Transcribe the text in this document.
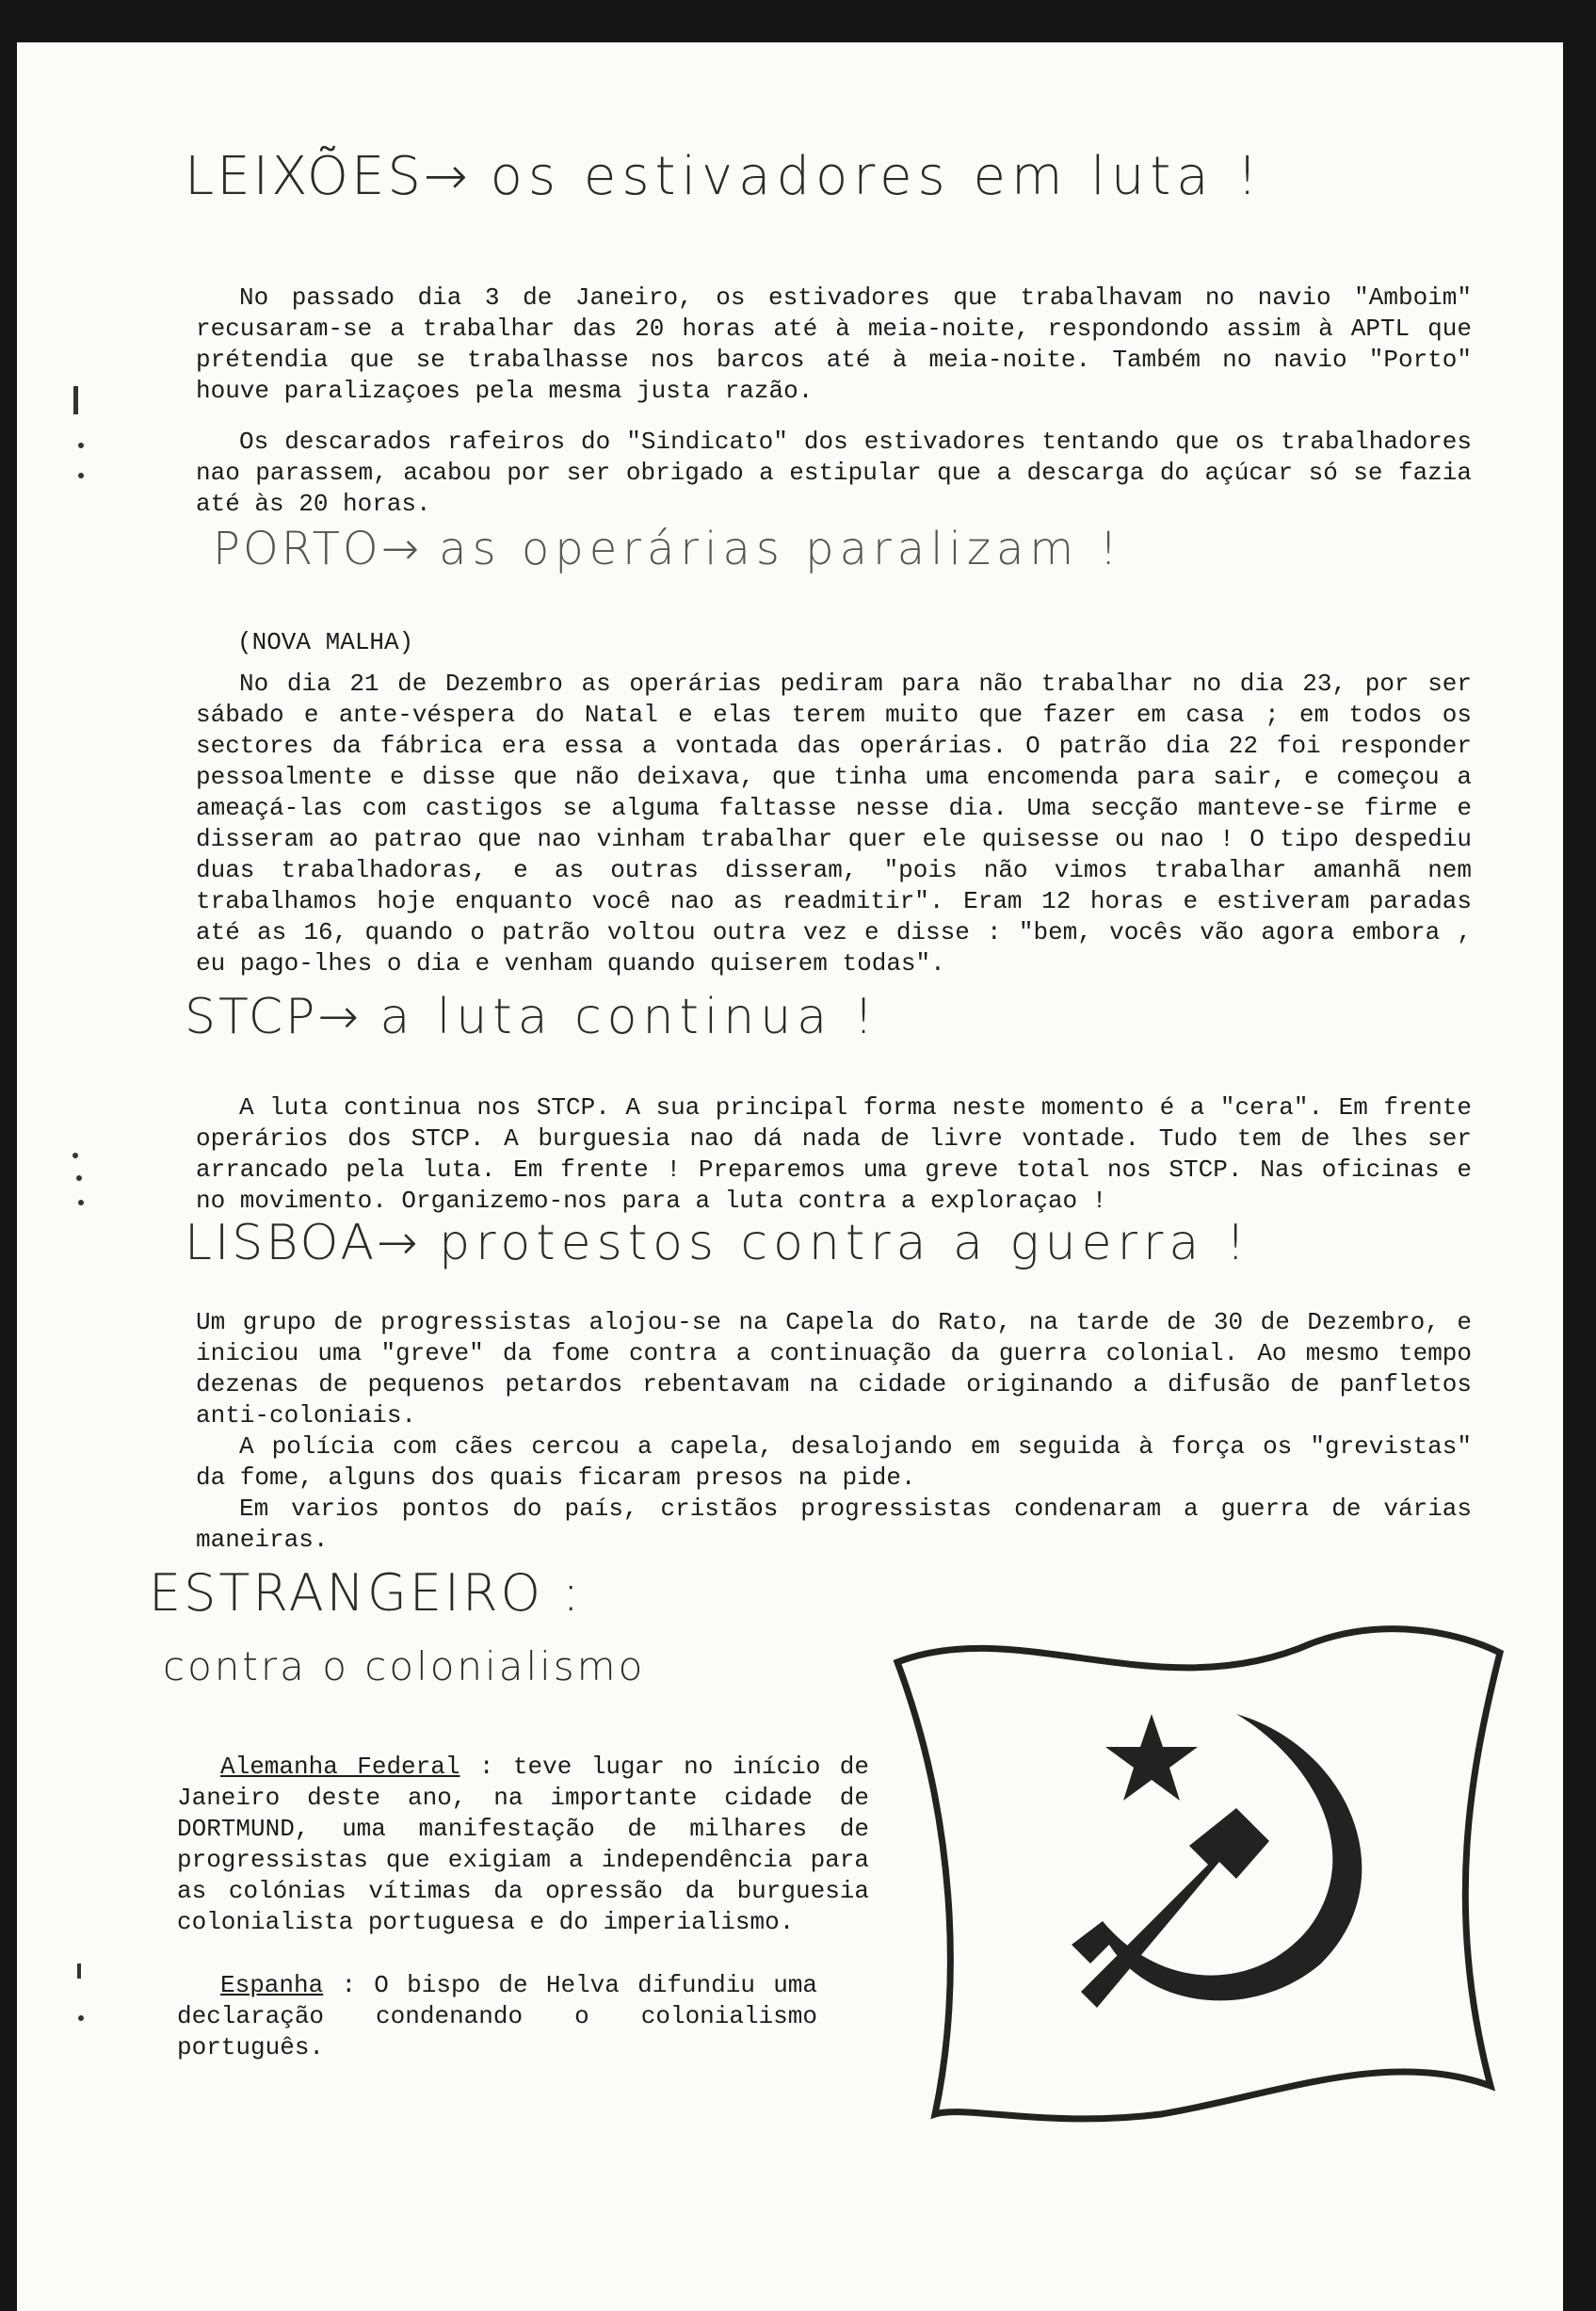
LEIXÕES→ os estivadores em luta !

No passado dia 3 de Janeiro, os estivadores que trabalhavam no navio "Amboim" recusaram-se a trabalhar das 20 horas até à meia-noite, respondondo assim à APTL que prétendia que se trabalhasse nos barcos até à meia-noite. Também no navio "Porto" houve paralizaçoes pela mesma justa razão.

Os descarados rafeiros do "Sindicato" dos estivadores tentando que os trabalhadores nao parassem, acabou por ser obrigado a estipular que a descarga do açúcar só se fazia até às 20 horas.

PORTO→ as operárias paralizam !
(NOVA MALHA)

No dia 21 de Dezembro as operárias pediram para não trabalhar no dia 23, por ser sábado e ante-véspera do Natal e elas terem muito que fazer em casa ; em todos os sectores da fábrica era essa a vontada das operárias. O patrão dia 22 foi responder pessoalmente e disse que não deixava, que tinha uma encomenda para sair, e começou a ameaçá-las com castigos se alguma faltasse nesse dia. Uma secção manteve-se firme e disseram ao patrao que nao vinham trabalhar quer ele quisesse ou nao ! O tipo despediu duas trabalhadoras, e as outras disseram, "pois não vimos trabalhar amanhã nem trabalhamos hoje enquanto você nao as readmitir". Eram 12 horas e estiveram paradas até as 16, quando o patrão voltou outra vez e disse : "bem, vocês vão agora embora , eu pago-lhes o dia e venham quando quiserem todas".

STCP→ a luta continua !

A luta continua nos STCP. A sua principal forma neste momento é a "cera". Em frente operários dos STCP. A burguesia nao dá nada de livre vontade. Tudo tem de lhes ser arrancado pela luta. Em frente ! Preparemos uma greve total nos STCP. Nas oficinas e no movimento. Organizemo-nos para a luta contra a exploraçao !

LISBOA→ protestos contra a guerra !

Um grupo de progressistas alojou-se na Capela do Rato, na tarde de 30 de Dezembro, e iniciou uma "greve" da fome contra a continuação da guerra colonial. Ao mesmo tempo dezenas de pequenos petardos rebentavam na cidade originando a difusão de panfletos anti-coloniais.

A polícia com cães cercou a capela, desalojando em seguida à força os "grevistas" da fome, alguns dos quais ficaram presos na pide.

Em varios pontos do país, cristãos progressistas condenaram a guerra de várias maneiras.

ESTRANGEIRO :
contra o colonialismo

Alemanha Federal : teve lugar no início de Janeiro deste ano, na importante cidade de DORTMUND, uma manifestação de milhares de progressistas que exigiam a independência para as colónias vítimas da opressão da burguesia colonialista portuguesa e do imperialismo.

Espanha : O bispo de Helva difundiu uma declaração condenando o colonialismo português.
